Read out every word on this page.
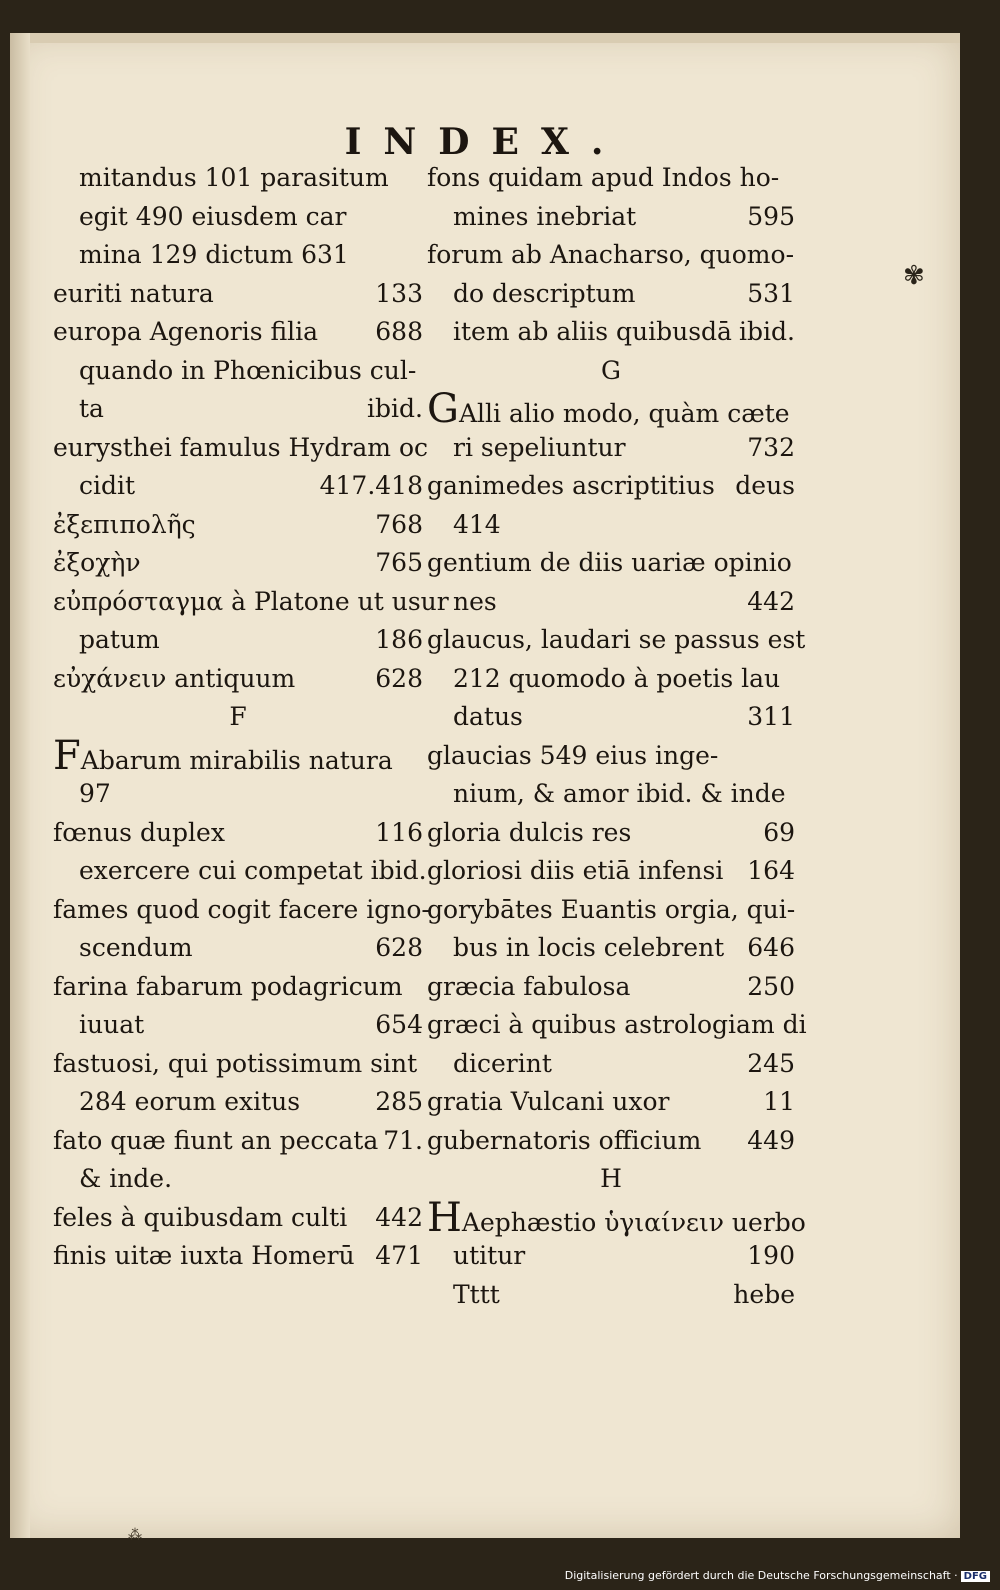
INDEX.
mitandus 101 parasitum
egit 490 eiusdem car
mina 129 dictum 631
euriti natura	133
europa Agenoris filia 688
quando in Phœnicibus cul-
ta	ibid.
eurysthei famulus Hydram oc
cidit	417.418
ἐξεπιπολῆς	768
ἐξοχὴν	765
εὐπρόσταγμα à Platone ut usur
patum	186
εὐχάνειν antiquum	628
F
FAbarum mirabilis natura
97
fœnus duplex	116
exercere cui competat ibid.
fames quod cogit facere igno-
scendum	628
farina fabarum podagricum
iuuat	654
fastuosi, qui potissimum sint
284 eorum exitus	285
fato quæ fiunt an peccata 71.
& inde.
feles à quibusdam culti 442
finis uitæ iuxta Homerū 471
fons quidam apud Indos ho-
mines inebriat	595
forum ab Anacharso, quomo-
do descriptum	531
item ab aliis quibusdā ibid.
G
GAlli alio modo, quàm cæte
ri sepeliuntur	732
ganimedes ascriptitius deus
414
gentium de diis uariæ opinio
nes	442
glaucus, laudari se passus est
212 quomodo à poetis lau
datus	311
glaucias 549 eius inge-
nium, & amor ibid. & inde
gloria dulcis res	69
gloriosi diis etiā infensi 164
gorybātes Euantis orgia, qui-
bus in locis celebrent 646
græcia fabulosa	250
græci à quibus astrologiam di
dicerint	245
gratia Vulcani uxor	11
gubernatoris officium 449
H
HAephæstio ὑγιαίνειν uerbo
utitur	190
Tttt	hebe
✾
⁂
Digitalisierung gefördert durch die Deutsche Forschungsgemeinschaft · DFG
